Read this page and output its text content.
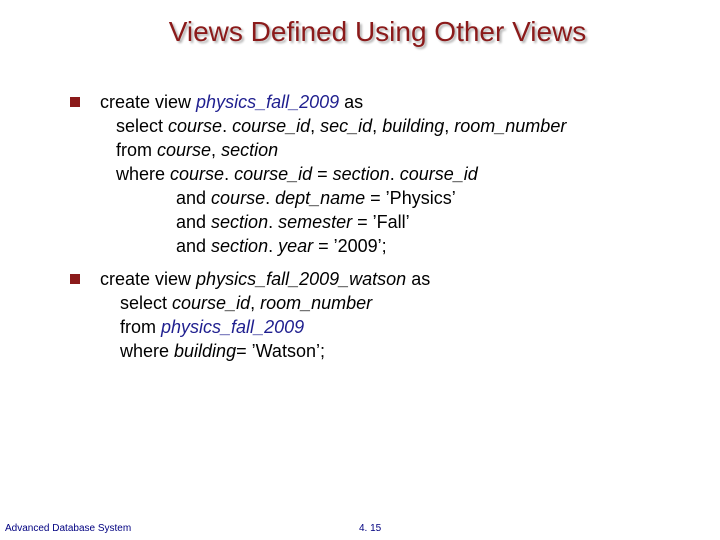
Views Defined Using Other Views
create view physics_fall_2009 as
select course. course_id, sec_id, building, room_number
from course, section
where course. course_id = section. course_id
and course. dept_name = ’Physics’
and section. semester = ’Fall’
and section. year = ’2009’;
create view physics_fall_2009_watson as
select course_id, room_number
from physics_fall_2009
where building= ’Watson’;
Advanced Database System	4. 15
